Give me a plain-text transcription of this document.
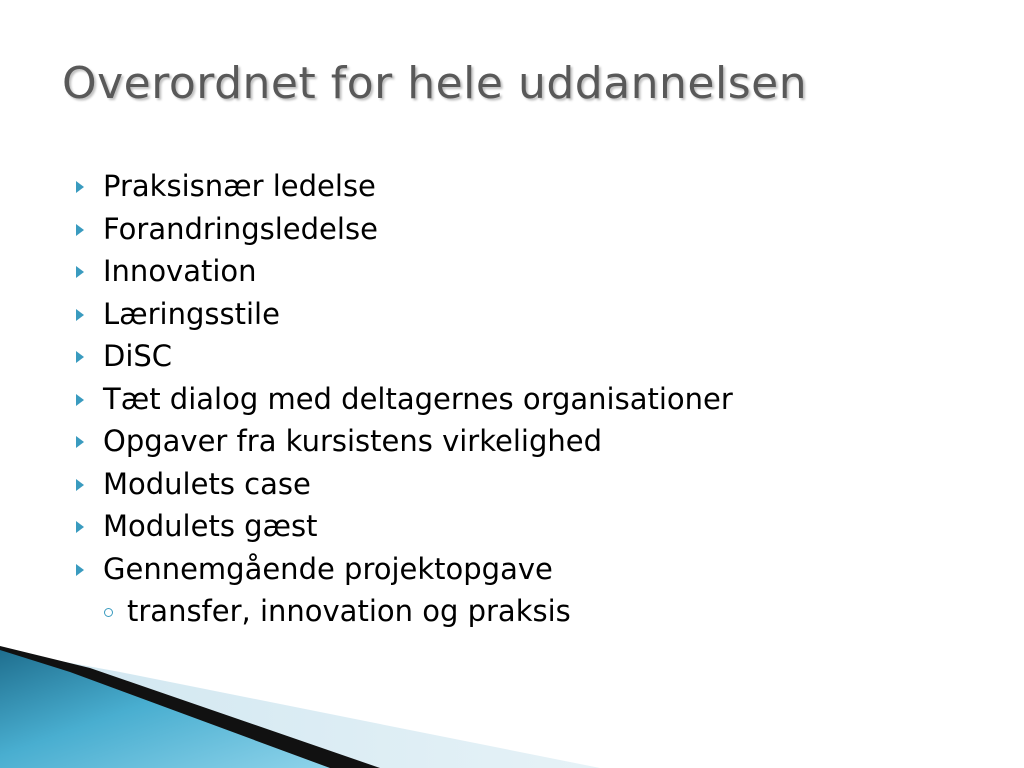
Overordnet for hele uddannelsen
Praksisnær ledelse
Forandringsledelse
Innovation
Læringsstile
DiSC
Tæt dialog med deltagernes organisationer
Opgaver fra kursistens virkelighed
Modulets case
Modulets gæst
Gennemgående projektopgave
transfer, innovation og praksis
